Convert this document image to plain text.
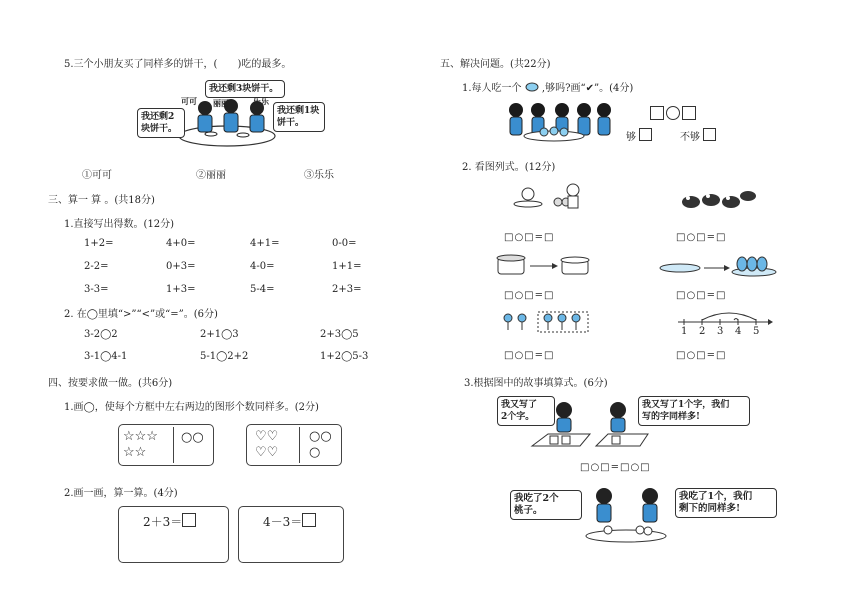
5.三个小朋友买了同样多的饼干，(　　)吃的最多。
我还剩3块饼干。
我还剩2块饼干。
我还剩1块饼干。
可可 丽丽	乐乐
①可可	②丽丽	③乐乐
三、算一 算 。(共18分)
1.直接写出得数。(12分)
1+2=	4+0=	4+1=	0-0=
2-2=	0+3=	4-0=	1+1=
3-3=	1+3=	5-4=	2+3=
2. 在◯里填“>”“<”或“=”。(6分)
3-2◯2	2+1◯3	2+3◯5
3-1◯4-1	5-1◯2+2	1+2◯5-3
四、按要求做一做。(共6分)
1.画◯，使每个方框中左右两边的图形个数同样多。(2分)
☆☆☆
☆☆
○○	♡♡
♡♡
○○
○
2.画一画，算一算。(4分)
2＋3＝	4－3＝
五、解决问题。(共22分)
1.每人吃一个 ,够吗?画“✔”。(4分)
够	不够
2. 看图列式。(12分)
□○□=□	□○□=□
□○□=□	□○□=□
1 2 3 4 5
□○□=□	□○□=□
3.根据图中的故事填算式。(6分)
我又写了
2个字。
我又写了1个字，我们
写的字同样多!
□○□=□○□
我吃了2个
桃子。
我吃了1个，我们
剩下的同样多!
